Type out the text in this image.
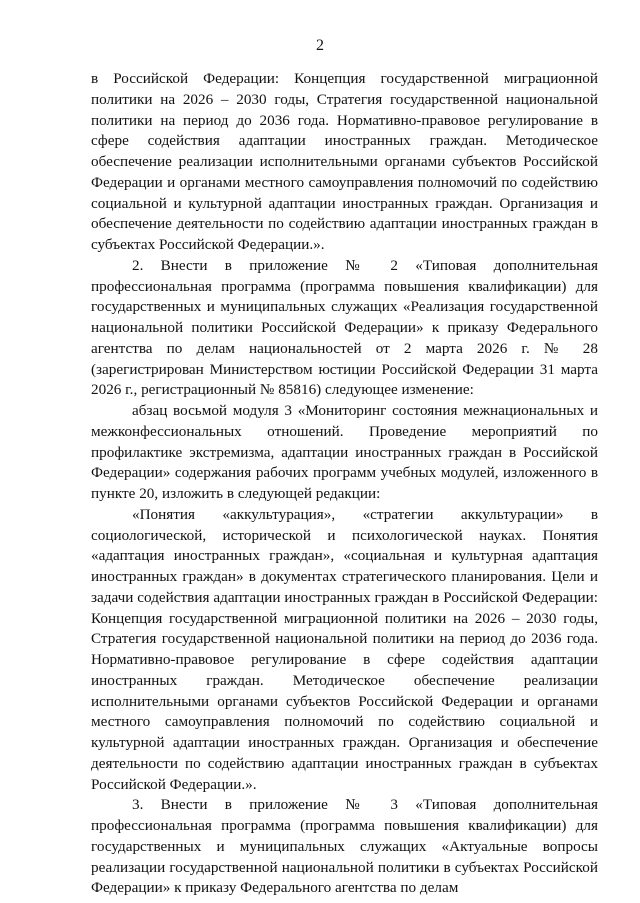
2

в Российской Федерации: Концепция государственной миграционной политики на 2026 – 2030 годы, Стратегия государственной национальной политики на период до 2036 года. Нормативно-правовое регулирование в сфере содействия адаптации иностранных граждан. Методическое обеспечение реализации исполнительными органами субъектов Российской Федерации и органами местного самоуправления полномочий по содействию социальной и культурной адаптации иностранных граждан. Организация и обеспечение деятельности по содействию адаптации иностранных граждан в субъектах Российской Федерации.».

2. Внести в приложение № 2 «Типовая дополнительная профессиональная программа (программа повышения квалификации) для государственных и муниципальных служащих «Реализация государственной национальной политики Российской Федерации» к приказу Федерального агентства по делам национальностей от 2 марта 2026 г. № 28 (зарегистрирован Министерством юстиции Российской Федерации 31 марта 2026 г., регистрационный № 85816) следующее изменение:

абзац восьмой модуля 3 «Мониторинг состояния межнациональных и межконфессиональных отношений. Проведение мероприятий по профилактике экстремизма, адаптации иностранных граждан в Российской Федерации» содержания рабочих программ учебных модулей, изложенного в пункте 20, изложить в следующей редакции:

«Понятия «аккультурация», «стратегии аккультурации» в социологической, исторической и психологической науках. Понятия «адаптация иностранных граждан», «социальная и культурная адаптация иностранных граждан» в документах стратегического планирования. Цели и задачи содействия адаптации иностранных граждан в Российской Федерации: Концепция государственной миграционной политики на 2026 – 2030 годы, Стратегия государственной национальной политики на период до 2036 года. Нормативно-правовое регулирование в сфере содействия адаптации иностранных граждан. Методическое обеспечение реализации исполнительными органами субъектов Российской Федерации и органами местного самоуправления полномочий по содействию социальной и культурной адаптации иностранных граждан. Организация и обеспечение деятельности по содействию адаптации иностранных граждан в субъектах Российской Федерации.».

3. Внести в приложение № 3 «Типовая дополнительная профессиональная программа (программа повышения квалификации) для государственных и муниципальных служащих «Актуальные вопросы реализации государственной национальной политики в субъектах Российской Федерации» к приказу Федерального агентства по делам
